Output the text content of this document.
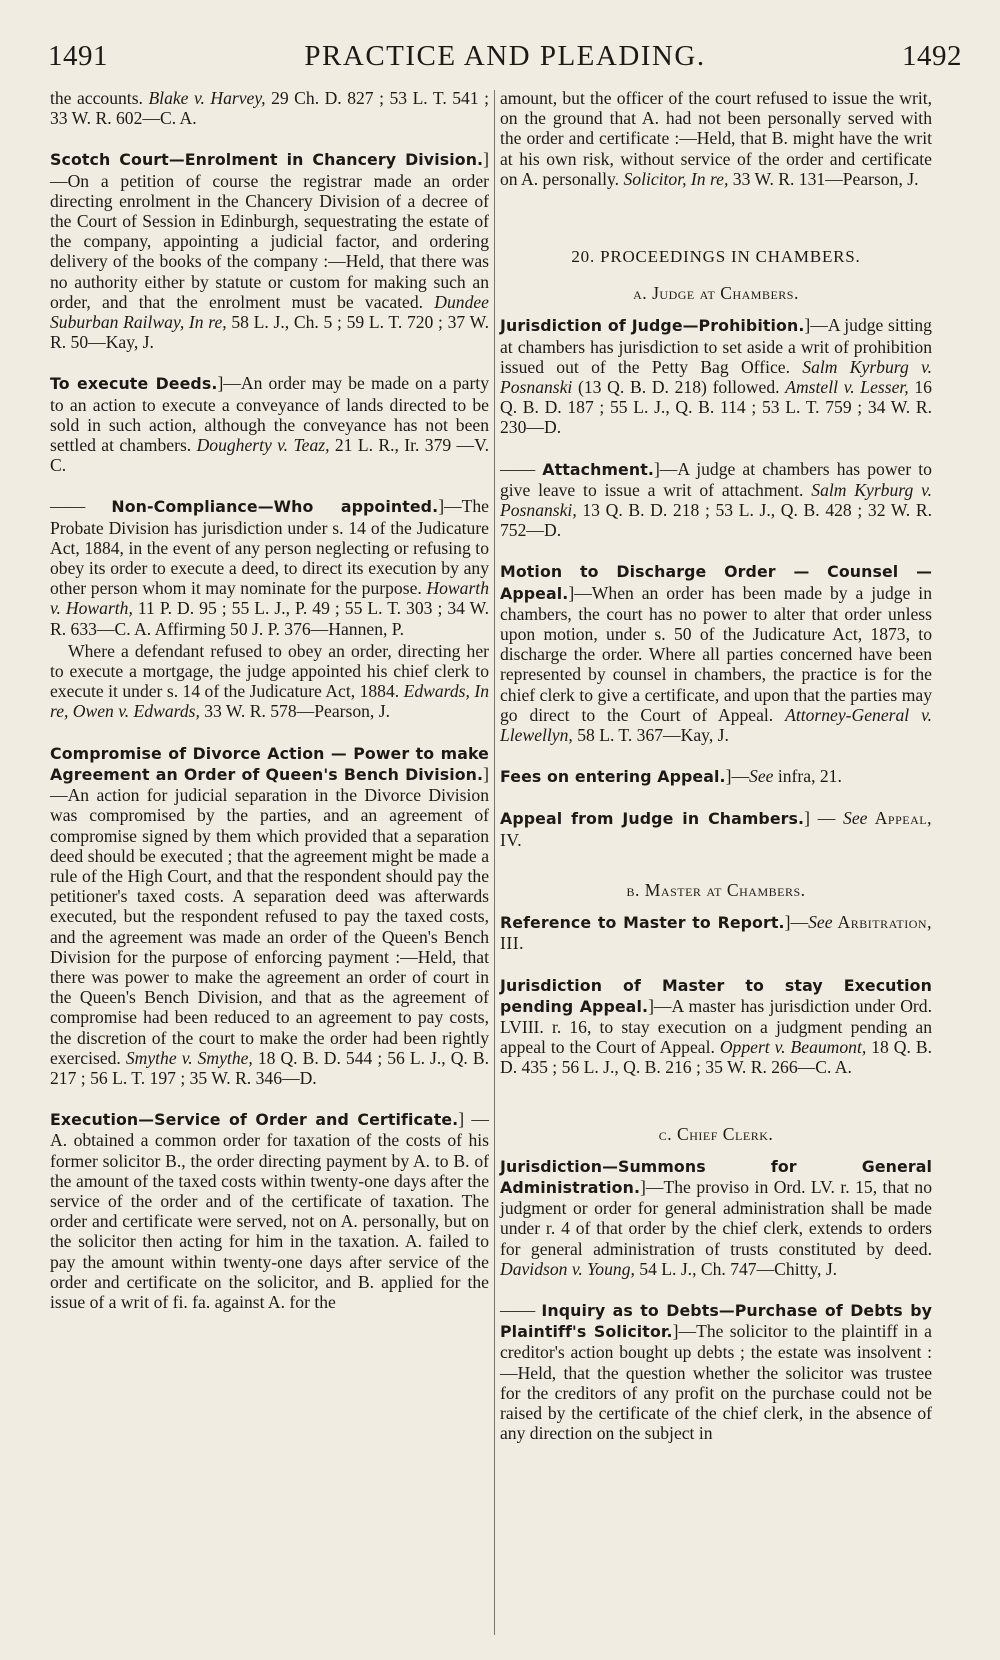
1491	PRACTICE AND PLEADING.	1492

the accounts. Blake v. Harvey, 29 Ch. D. 827 ; 53 L. T. 541 ; 33 W. R. 602—C. A.

Scotch Court—Enrolment in Chancery Division.]—On a petition of course the registrar made an order directing enrolment in the Chancery Division of a decree of the Court of Session in Edinburgh, sequestrating the estate of the company, appointing a judicial factor, and ordering delivery of the books of the company :—Held, that there was no authority either by statute or custom for making such an order, and that the enrolment must be vacated. Dundee Suburban Railway, In re, 58 L. J., Ch. 5 ; 59 L. T. 720 ; 37 W. R. 50—Kay, J.

To execute Deeds.]—An order may be made on a party to an action to execute a conveyance of lands directed to be sold in such action, although the conveyance has not been settled at chambers. Dougherty v. Teaz, 21 L. R., Ir. 379 —V. C.

—— Non-Compliance—Who appointed.]—The Probate Division has jurisdiction under s. 14 of the Judicature Act, 1884, in the event of any person neglecting or refusing to obey its order to execute a deed, to direct its execution by any other person whom it may nominate for the purpose. Howarth v. Howarth, 11 P. D. 95 ; 55 L. J., P. 49 ; 55 L. T. 303 ; 34 W. R. 633—C. A. Affirming 50 J. P. 376—Hannen, P.

Where a defendant refused to obey an order, directing her to execute a mortgage, the judge appointed his chief clerk to execute it under s. 14 of the Judicature Act, 1884. Edwards, In re, Owen v. Edwards, 33 W. R. 578—Pearson, J.

Compromise of Divorce Action — Power to make Agreement an Order of Queen's Bench Division.]—An action for judicial separation in the Divorce Division was compromised by the parties, and an agreement of compromise signed by them which provided that a separation deed should be executed ; that the agreement might be made a rule of the High Court, and that the respondent should pay the petitioner's taxed costs. A separation deed was afterwards executed, but the respondent refused to pay the taxed costs, and the agreement was made an order of the Queen's Bench Division for the purpose of enforcing payment :—Held, that there was power to make the agreement an order of court in the Queen's Bench Division, and that as the agreement of compromise had been reduced to an agreement to pay costs, the discretion of the court to make the order had been rightly exercised. Smythe v. Smythe, 18 Q. B. D. 544 ; 56 L. J., Q. B. 217 ; 56 L. T. 197 ; 35 W. R. 346—D.

Execution—Service of Order and Certificate.] —A. obtained a common order for taxation of the costs of his former solicitor B., the order directing payment by A. to B. of the amount of the taxed costs within twenty-one days after the service of the order and of the certificate of taxation. The order and certificate were served, not on A. personally, but on the solicitor then acting for him in the taxation. A. failed to pay the amount within twenty-one days after service of the order and certificate on the solicitor, and B. applied for the issue of a writ of fi. fa. against A. for the

amount, but the officer of the court refused to issue the writ, on the ground that A. had not been personally served with the order and certificate :—Held, that B. might have the writ at his own risk, without service of the order and certificate on A. personally. Solicitor, In re, 33 W. R. 131—Pearson, J.

20. PROCEEDINGS IN CHAMBERS.

a. Judge at Chambers.

Jurisdiction of Judge—Prohibition.]—A judge sitting at chambers has jurisdiction to set aside a writ of prohibition issued out of the Petty Bag Office. Salm Kyrburg v. Posnanski (13 Q. B. D. 218) followed. Amstell v. Lesser, 16 Q. B. D. 187 ; 55 L. J., Q. B. 114 ; 53 L. T. 759 ; 34 W. R. 230—D.

—— Attachment.]—A judge at chambers has power to give leave to issue a writ of attachment. Salm Kyrburg v. Posnanski, 13 Q. B. D. 218 ; 53 L. J., Q. B. 428 ; 32 W. R. 752—D.

Motion to Discharge Order — Counsel — Appeal.]—When an order has been made by a judge in chambers, the court has no power to alter that order unless upon motion, under s. 50 of the Judicature Act, 1873, to discharge the order. Where all parties concerned have been represented by counsel in chambers, the practice is for the chief clerk to give a certificate, and upon that the parties may go direct to the Court of Appeal. Attorney-General v. Llewellyn, 58 L. T. 367—Kay, J.

Fees on entering Appeal.]—See infra, 21.

Appeal from Judge in Chambers.] — See Appeal, IV.

b. Master at Chambers.

Reference to Master to Report.]—See Arbitration, III.

Jurisdiction of Master to stay Execution pending Appeal.]—A master has jurisdiction under Ord. LVIII. r. 16, to stay execution on a judgment pending an appeal to the Court of Appeal. Oppert v. Beaumont, 18 Q. B. D. 435 ; 56 L. J., Q. B. 216 ; 35 W. R. 266—C. A.

c. Chief Clerk.

Jurisdiction—Summons for General Administration.]—The proviso in Ord. LV. r. 15, that no judgment or order for general administration shall be made under r. 4 of that order by the chief clerk, extends to orders for general administration of trusts constituted by deed. Davidson v. Young, 54 L. J., Ch. 747—Chitty, J.

—— Inquiry as to Debts—Purchase of Debts by Plaintiff's Solicitor.]—The solicitor to the plaintiff in a creditor's action bought up debts ; the estate was insolvent :—Held, that the question whether the solicitor was trustee for the creditors of any profit on the purchase could not be raised by the certificate of the chief clerk, in the absence of any direction on the subject in
